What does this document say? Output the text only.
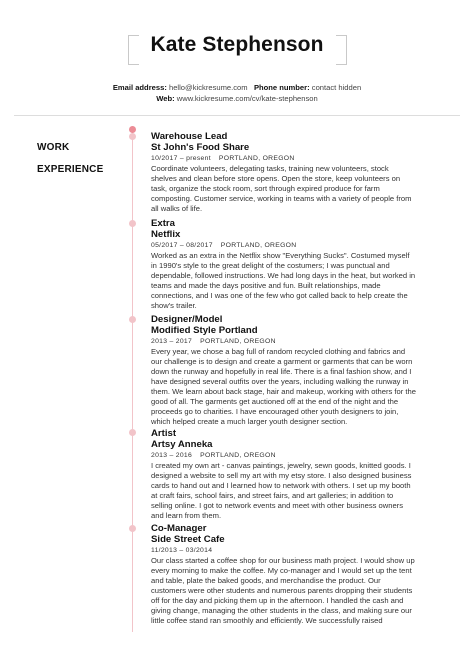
Kate Stephenson
Email address: hello@kickresume.com Phone number: contact hidden
Web: www.kickresume.com/cv/kate-stephenson
WORK
EXPERIENCE
Warehouse Lead
St John's Food Share
10/2017 – present PORTLAND, OREGON
Coordinate volunteers, delegating tasks, training new volunteers, stock shelves and clean before store opens. Open the store, keep volunteers on task, organize the stock room, sort through expired produce for farm composting. Customer service, working in teams with a variety of people from all walks of life.
Extra
Netflix
05/2017 – 08/2017 PORTLAND, OREGON
Worked as an extra in the Netflix show "Everything Sucks". Costumed myself in 1990's style to the great delight of the costumers; I was punctual and dependable, followed instructions. We had long days in the heat, but worked in teams and made the days positive and fun. Built relationships, made connections, and I was one of the few who got called back to help create the show's trailer.
Designer/Model
Modified Style Portland
2013 – 2017 PORTLAND, OREGON
Every year, we chose a bag full of random recycled clothing and fabrics and our challenge is to design and create a garment or garments that can be worn down the runway and hopefully in real life. There is a final fashion show, and I have designed several outfits over the years, including walking the runway in them. We learn about back stage, hair and makeup, working with others for the good of all. The garments get auctioned off at the end of the night and the proceeds go to charities. I have encouraged other youth designers to join, which helped create a much larger youth designer section.
Artist
Artsy Anneka
2013 – 2016 PORTLAND, OREGON
I created my own art - canvas paintings, jewelry, sewn goods, knitted goods. I designed a website to sell my art with my etsy store. I also designed business cards to hand out and I learned how to network with others. I set up my booth at craft fairs, school fairs, and street fairs, and art galleries; in addition to selling online. I got to network events and meet with other business owners and learn from them.
Co-Manager
Side Street Cafe
11/2013 – 03/2014
Our class started a coffee shop for our business math project. I would show up every morning to make the coffee. My co-manager and I would set up the tent and table, plate the baked goods, and merchandise the product. Our customers were other students and numerous parents dropping their students off for the day and picking them up in the afternoon. I handled the cash and giving change, managing the other students in the class, and making sure our little coffee stand ran smoothly and efficiently. We successfully raised
